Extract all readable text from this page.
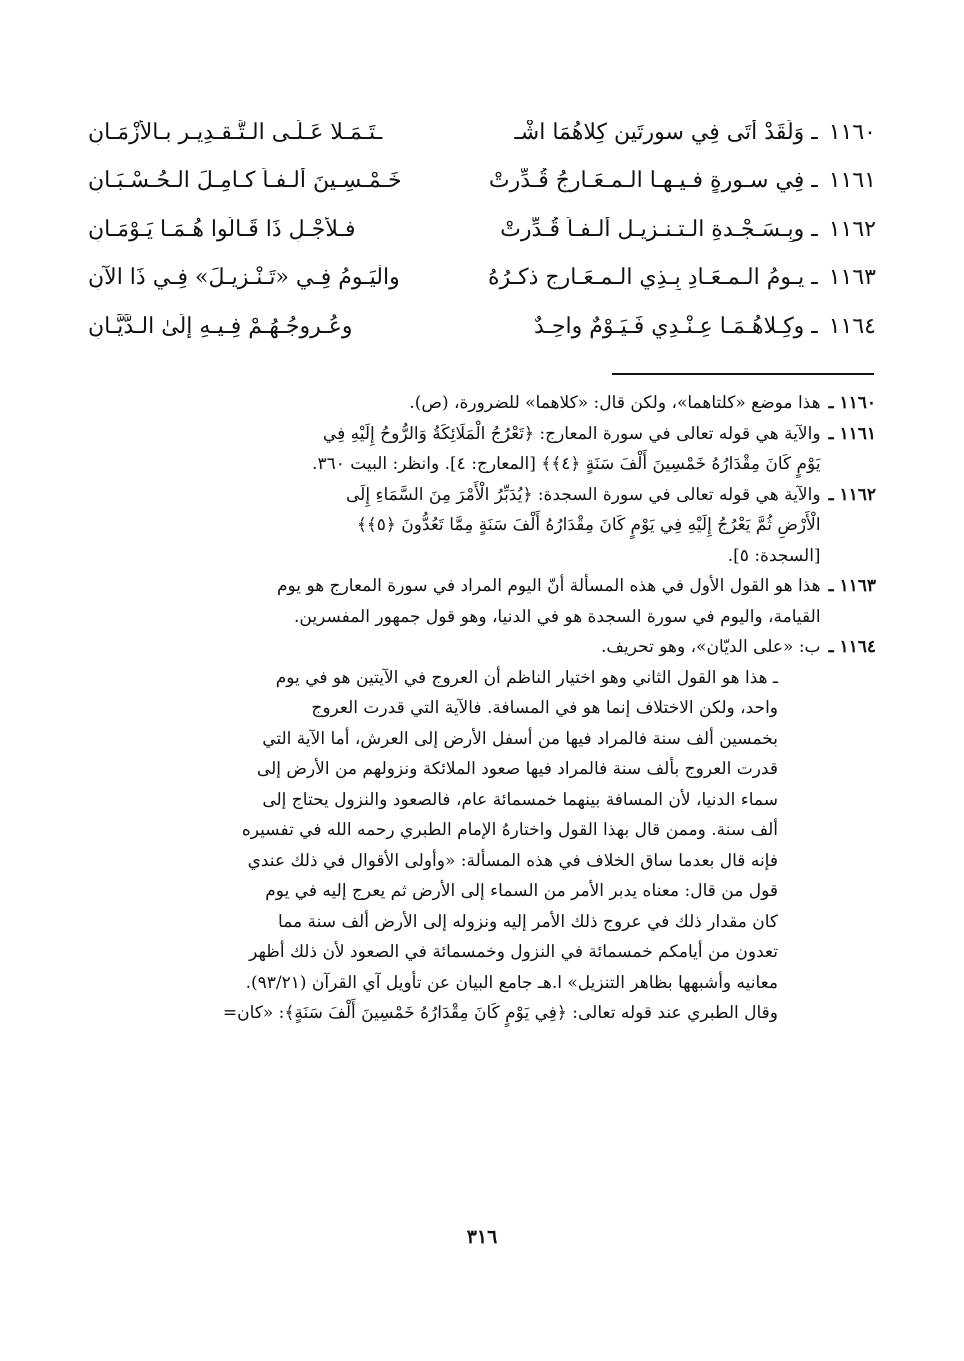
١١٦٠ ـ وَلَقَدْ أَتَى فِي سورتَينِ كِلاهُمَا اشْـ
ـتَـمَـلا عَـلَـى الـتَّـقـدِيـر بـالأزْمَـانِ
١١٦١ ـ فِي سـورةٍ فـيـهـا الـمـعَـارجُ قُـدِّرتْ
خَـمْـسِـينَ ألـفـاً كـامِـلَ الـحُـسْـبَـانِ
١١٦٢ ـ وبِـسَـجْـدةِ الـتـنـزيـل ألـفـاً قُـدِّرتْ
فـلأجْـلِ ذَا قَـالُوا هُـمَـا يَـوْمَـانِ
١١٦٣ ـ يـومُ الـمـعَـادِ بِـذِي الـمـعَـارجِ ذكـرُهُ
والْيَـومُ فِـي «تَـنْـزِيـلَ» فِـي ذَا الآنِ
١١٦٤ ـ وكِـلاهُـمَـا عِـنْـدِي فَـيَـوْمٌ واحِـدٌ
وعُـروجُـهُـمْ فِـيـهِ إلَىٰ الـدَّيَّـانِ
١١٦٠ ـ
هذا موضع «كلتاهما»، ولكن قال: «كلاهما» للضرورة، (ص).
١١٦١ ـ
والآية هي قوله تعالى في سورة المعارج: ﴿تَعْرُجُ الْمَلَائِكَةُ وَالرُّوحُ إِلَيْهِ فِي
يَوْمٍ كَانَ مِقْدَارُهُ خَمْسِينَ أَلْفَ سَنَةٍ ﴿٤﴾﴾ [المعارج: ٤]. وانظر: البيت ٣٦٠.
١١٦٢ ـ
والآية هي قوله تعالى في سورة السجدة: ﴿يُدَبِّرُ الْأَمْرَ مِنَ السَّمَاءِ إِلَى
الْأَرْضِ ثُمَّ يَعْرُجُ إِلَيْهِ فِي يَوْمٍ كَانَ مِقْدَارُهُ أَلْفَ سَنَةٍ مِمَّا تَعُدُّونَ ﴿٥﴾﴾
[السجدة: ٥].
١١٦٣ ـ
هذا هو القول الأول في هذه المسألة أنّ اليوم المراد في سورة المعارج هو يوم
القيامة، واليوم في سورة السجدة هو في الدنيا، وهو قول جمهور المفسرين.
١١٦٤ ـ
ب: «على الديّان»، وهو تحريف.
ـ هذا هو القول الثاني وهو اختيار الناظم أن العروج في الآيتين هو في يوم
واحد، ولكن الاختلاف إنما هو في المسافة. فالآية التي قدرت العروج
بخمسين ألف سنة فالمراد فيها من أسفل الأرض إلى العرش، أما الآية التي
قدرت العروج بألف سنة فالمراد فيها صعود الملائكة ونزولهم من الأرض إلى
سماء الدنيا، لأن المسافة بينهما خمسمائة عام، فالصعود والنزول يحتاج إلى
ألف سنة. وممن قال بهذا القول واختارهُ الإمام الطبري رحمه الله في تفسيره
فإنه قال بعدما ساق الخلاف في هذه المسألة: «وأولى الأقوال في ذلك عندي
قول من قال: معناه يدبر الأمر من السماء إلى الأرض ثم يعرج إليه في يوم
كان مقدار ذلك في عروج ذلك الأمر إليه ونزوله إلى الأرض ألف سنة مما
تعدون من أيامكم خمسمائة في النزول وخمسمائة في الصعود لأن ذلك أظهر
معانيه وأشبهها بظاهر التنزيل» ا.هـ جامع البيان عن تأويل آي القرآن (٩٣/٢١).
وقال الطبري عند قوله تعالى: ﴿فِي يَوْمٍ كَانَ مِقْدَارُهُ خَمْسِينَ أَلْفَ سَنَةٍ﴾: «كان=
٣١٦
